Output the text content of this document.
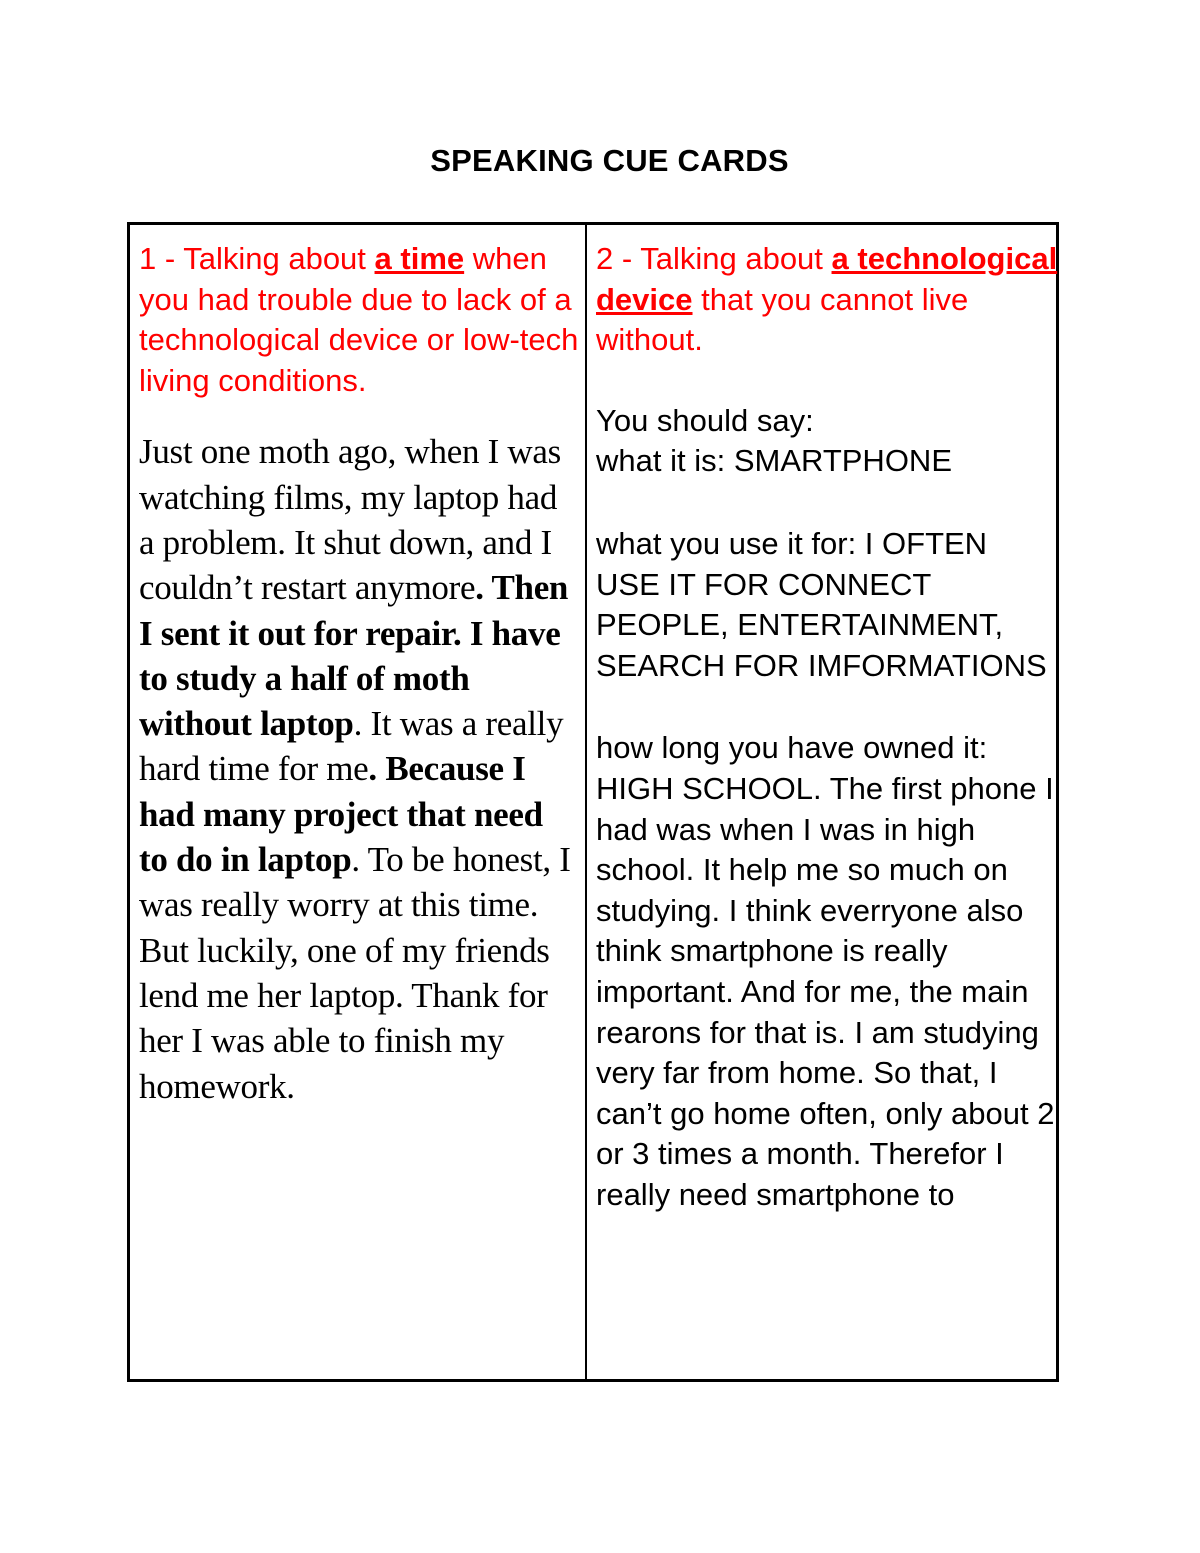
SPEAKING CUE CARDS

1 - Talking about a time when you had trouble due to lack of a technological device or low-tech living conditions.

Just one moth ago, when I was watching films, my laptop had a problem. It shut down, and I couldn’t restart anymore. Then I sent it out for repair. I have to study a half of moth without laptop. It was a really hard time for me. Because I had many project that need to do in laptop. To be honest, I was really worry at this time. But luckily, one of my friends lend me her laptop. Thank for her I was able to finish my homework.

2 - Talking about a technological device that you cannot live without.

You should say:

what it is: SMARTPHONE

what you use it for: I OFTEN USE IT FOR CONNECT PEOPLE, ENTERTAINMENT, SEARCH FOR IMFORMATIONS

how long you have owned it: HIGH SCHOOL. The first phone I had was when I was in high school. It help me so much on studying. I think everryone also think smartphone is really important. And for me, the main rearons for that is. I am studying very far from home. So that, I can’t go home often, only about 2 or 3 times a month. Therefor I really need smartphone to
